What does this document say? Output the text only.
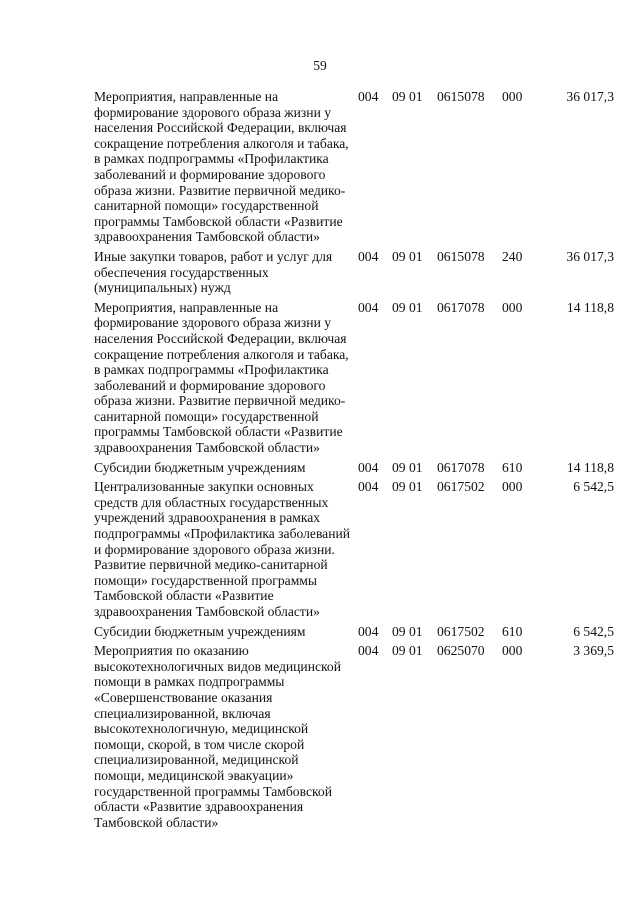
59
Мероприятия, направленные на формирование здорового образа жизни у населения Российской Федерации, включая сокращение потребления алкоголя и табака, в рамках подпрограммы «Профилактика заболеваний и формирование здорового образа жизни. Развитие первичной медико-санитарной помощи» государственной программы Тамбовской области «Развитие здравоохранения Тамбовской области»	004	09 01	0615078	000	36 017,3
Иные закупки товаров, работ и услуг для обеспечения государственных (муниципальных) нужд	004	09 01	0615078	240	36 017,3
Мероприятия, направленные на формирование здорового образа жизни у населения Российской Федерации, включая сокращение потребления алкоголя и табака, в рамках подпрограммы «Профилактика заболеваний и формирование здорового образа жизни. Развитие первичной медико-санитарной помощи» государственной программы Тамбовской области «Развитие здравоохранения Тамбовской области»	004	09 01	0617078	000	14 118,8
Субсидии бюджетным учреждениям	004	09 01	0617078	610	14 118,8
Централизованные закупки основных средств для областных государственных учреждений здравоохранения в рамках подпрограммы «Профилактика заболеваний и формирование здорового образа жизни. Развитие первичной медико-санитарной помощи» государственной программы Тамбовской области «Развитие здравоохранения Тамбовской области»	004	09 01	0617502	000	6 542,5
Субсидии бюджетным учреждениям	004	09 01	0617502	610	6 542,5
Мероприятия по оказанию высокотехнологичных видов медицинской помощи в рамках подпрограммы «Совершенствование оказания специализированной, включая высокотехнологичную, медицинской помощи, скорой, в том числе скорой специализированной, медицинской помощи, медицинской эвакуации» государственной программы Тамбовской области «Развитие здравоохранения Тамбовской области»	004	09 01	0625070	000	3 369,5
